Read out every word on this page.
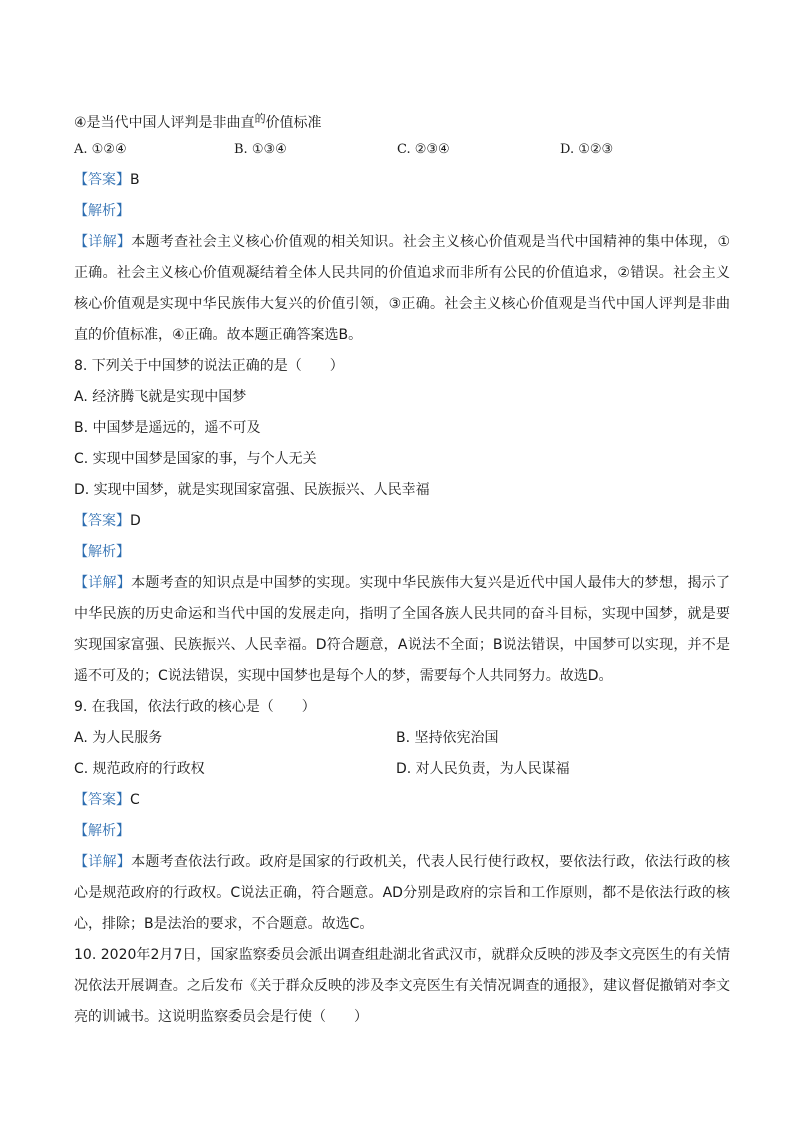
④是当代中国人评判是非曲直$^的$价值标准
A. ①②④	B. ①③④	C. ②③④	D. ①②③
【答案】B
【解析】
【详解】本题考查社会主义核心价值观的相关知识。社会主义核心价值观是当代中国精神的集中体现，①正确。社会主义核心价值观凝结着全体人民共同的价值追求而非所有公民的价值追求，②错误。社会主义核心价值观是实现中华民族伟大复兴的价值引领，③正确。社会主义核心价值观是当代中国人评判是非曲直的价值标准，④正确。故本题正确答案选B。
8. 下列关于中国梦的说法正确的是（　　）
A. 经济腾飞就是实现中国梦
B. 中国梦是遥远的，遥不可及
C. 实现中国梦是国家的事，与个人无关
D. 实现中国梦，就是实现国家富强、民族振兴、人民幸福
【答案】D
【解析】
【详解】本题考查的知识点是中国梦的实现。实现中华民族伟大复兴是近代中国人最伟大的梦想，揭示了中华民族的历史命运和当代中国的发展走向，指明了全国各族人民共同的奋斗目标，实现中国梦，就是要实现国家富强、民族振兴、人民幸福。D符合题意，A说法不全面；B说法错误，中国梦可以实现，并不是遥不可及的；C说法错误，实现中国梦也是每个人的梦，需要每个人共同努力。故选D。
9. 在我国，依法行政的核心是（　　）
A. 为人民服务	B. 坚持依宪治国
C. 规范政府的行政权	D. 对人民负责，为人民谋福
【答案】C
【解析】
【详解】本题考查依法行政。政府是国家的行政机关，代表人民行使行政权，要依法行政，依法行政的核心是规范政府的行政权。C说法正确，符合题意。AD分别是政府的宗旨和工作原则，都不是依法行政的核心，排除；B是法治的要求，不合题意。故选C。
10. 2020年2月7日，国家监察委员会派出调查组赴湖北省武汉市，就群众反映的涉及李文亮医生的有关情况依法开展调查。之后发布《关于群众反映的涉及李文亮医生有关情况调查的通报》，建议督促撤销对李文亮的训诫书。这说明监察委员会是行使（　　）
